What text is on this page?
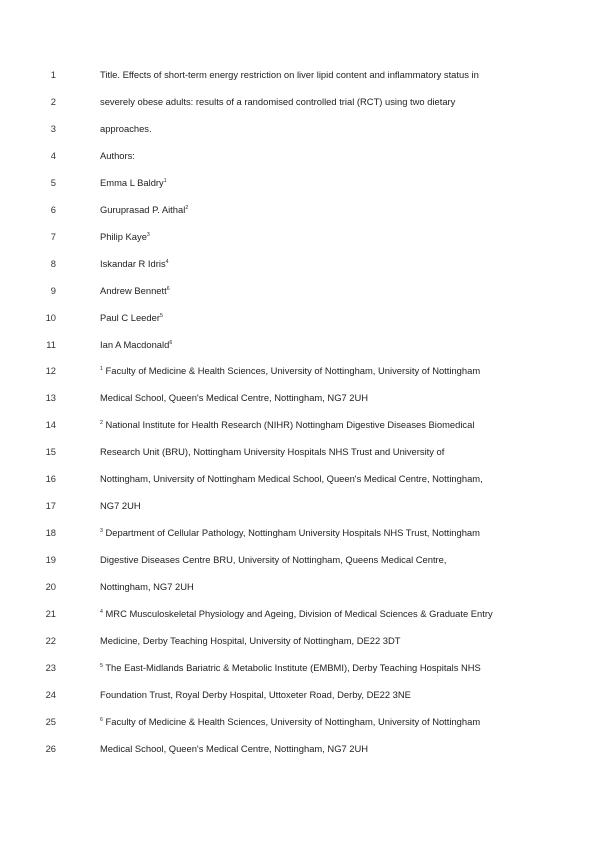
1	Title. Effects of short-term energy restriction on liver lipid content and inflammatory status in
2	severely obese adults: results of a randomised controlled trial (RCT) using two dietary
3	approaches.
4	Authors:
5	Emma L Baldry$^1$
6	Guruprasad P. Aithal$^2$
7	Philip Kaye$^3$
8	Iskandar R Idris$^4$
9	Andrew Bennett$^6$
10	Paul C Leeder$^5$
11	Ian A Macdonald$^6$
12	$^1$ Faculty of Medicine & Health Sciences, University of Nottingham, University of Nottingham
13	Medical School, Queen's Medical Centre, Nottingham, NG7 2UH
14	$^2$ National Institute for Health Research (NIHR) Nottingham Digestive Diseases Biomedical
15	Research Unit (BRU), Nottingham University Hospitals NHS Trust and University of
16	Nottingham, University of Nottingham Medical School, Queen's Medical Centre, Nottingham,
17	NG7 2UH
18	$^3$ Department of Cellular Pathology, Nottingham University Hospitals NHS Trust, Nottingham
19	Digestive Diseases Centre BRU, University of Nottingham, Queens Medical Centre,
20	Nottingham, NG7 2UH
21	$^4$ MRC Musculoskeletal Physiology and Ageing, Division of Medical Sciences & Graduate Entry
22	Medicine, Derby Teaching Hospital, University of Nottingham, DE22 3DT
23	$^5$ The East-Midlands Bariatric & Metabolic Institute (EMBMI), Derby Teaching Hospitals NHS
24	Foundation Trust, Royal Derby Hospital, Uttoxeter Road, Derby, DE22 3NE
25	$^6$ Faculty of Medicine & Health Sciences, University of Nottingham, University of Nottingham
26	Medical School, Queen's Medical Centre, Nottingham, NG7 2UH
